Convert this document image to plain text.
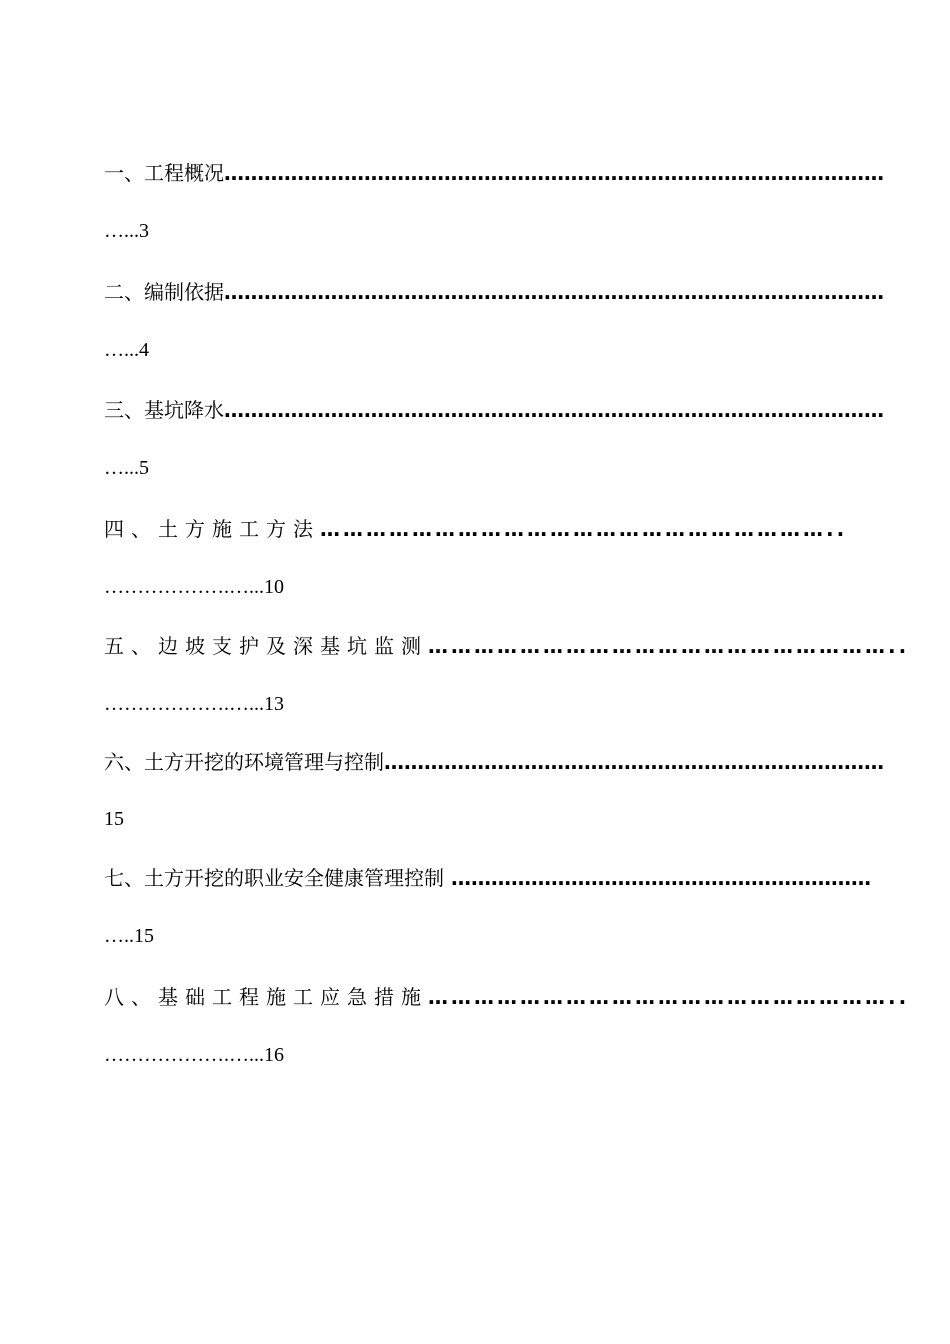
一、工程概况………………………………………………………………………………………
…...3
二、编制依据………………………………………………………………………………………
…...4
三、基坑降水………………………………………………………………………………………
…...5
四、土方施工方法…………………………………………………………..
……………….…...10
五、边坡支护及深基坑监测……………………………………………………..
……………….…...13
六、土方开挖的环境管理与控制…………………………………………………………………
15
七、土方开挖的职业安全健康管理控制 ………………………………………………………
…..15
八、基础工程施工应急措施……………………………………………………..
……………….…...16
